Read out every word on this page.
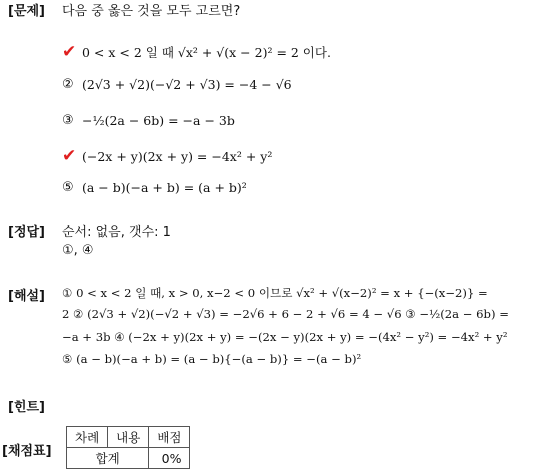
[문제]
[정답]
[해설]
[힌트]
[채점표]
다음 중 옳은 것을 모두 고르면?
✔ 0 < x < 2 일 때 √x² + √(x − 2)² = 2 이다.
② (2√3 + √2)(−√2 + √3) = −4 − √6
③ −½(2a − 6b) = −a − 3b
✔ (−2x + y)(2x + y) = −4x² + y²
⑤ (a − b)(−a + b) = (a + b)²
순서: 없음, 갯수: 1
①, ④
① 0 < x < 2 일 때, x > 0, x−2 < 0 이므로 √x² + √(x−2)² = x + {−(x−2)} =
2 ② (2√3 + √2)(−√2 + √3) = −2√6 + 6 − 2 + √6 = 4 − √6 ③ −½(2a − 6b) =
−a + 3b ④ (−2x + y)(2x + y) = −(2x − y)(2x + y) = −(4x² − y²) = −4x² + y²
⑤ (a − b)(−a + b) = (a − b){−(a − b)} = −(a − b)²
차례	내용	배점
합계		0%
